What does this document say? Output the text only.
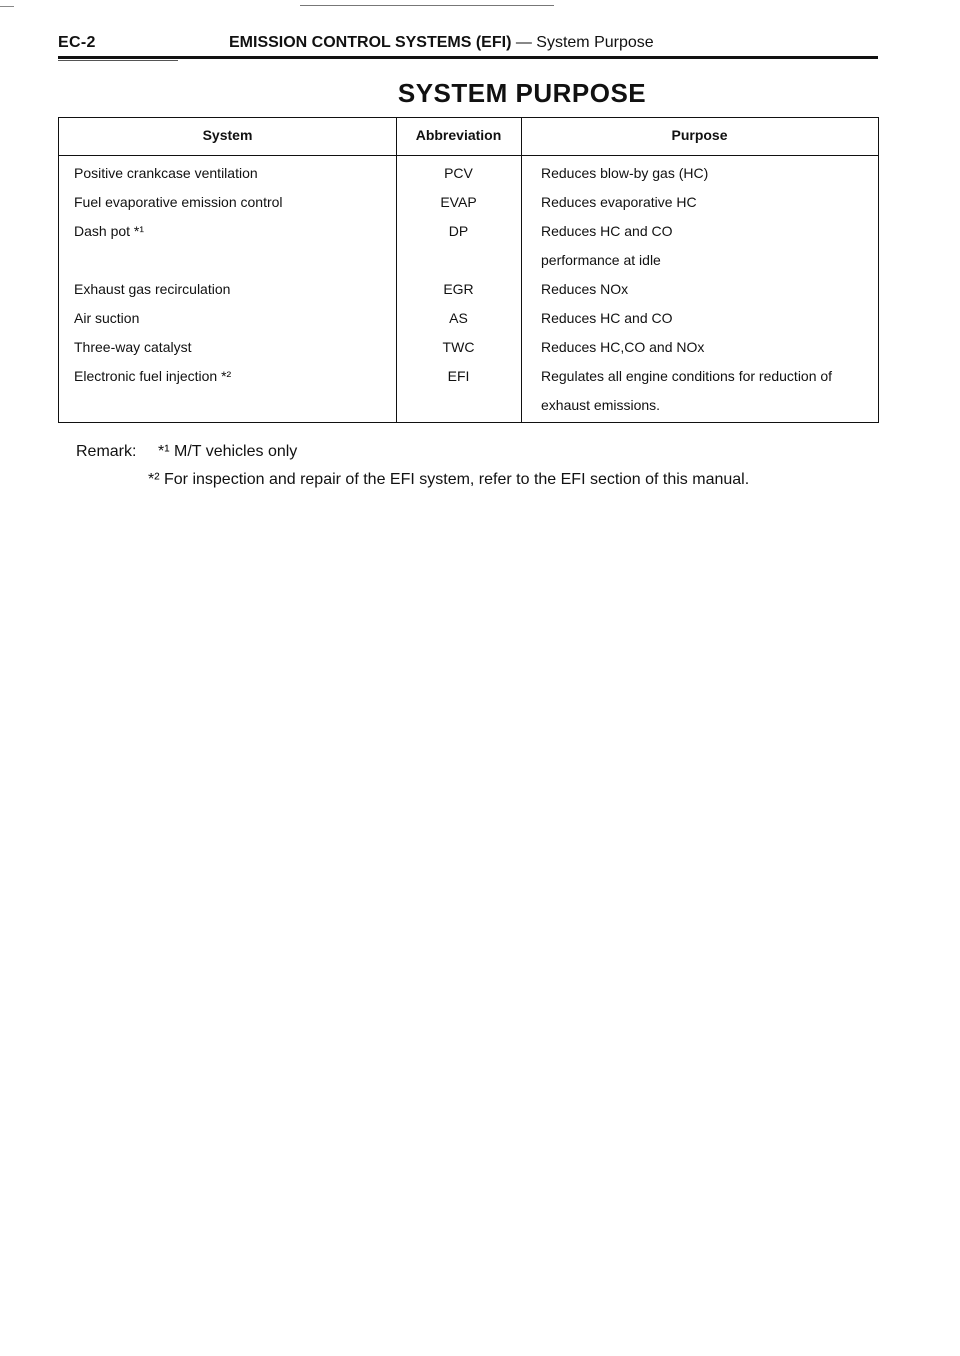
EC-2	EMISSION CONTROL SYSTEMS (EFI) — System Purpose
SYSTEM PURPOSE
System	Abbreviation	Purpose
Positive crankcase ventilation	PCV	Reduces blow-by gas (HC)
Fuel evaporative emission control	EVAP	Reduces evaporative HC
Dash pot *¹	DP	Reduces HC and CO
performance at idle
Exhaust gas recirculation	EGR	Reduces NOx
Air suction	AS	Reduces HC and CO
Three-way catalyst	TWC	Reduces HC,CO and NOx
Electronic fuel injection *²	EFI	Regulates all engine conditions for reduction of
exhaust emissions.
Remark: *¹ M/T vehicles only
*² For inspection and repair of the EFI system, refer to the EFI section of this manual.
